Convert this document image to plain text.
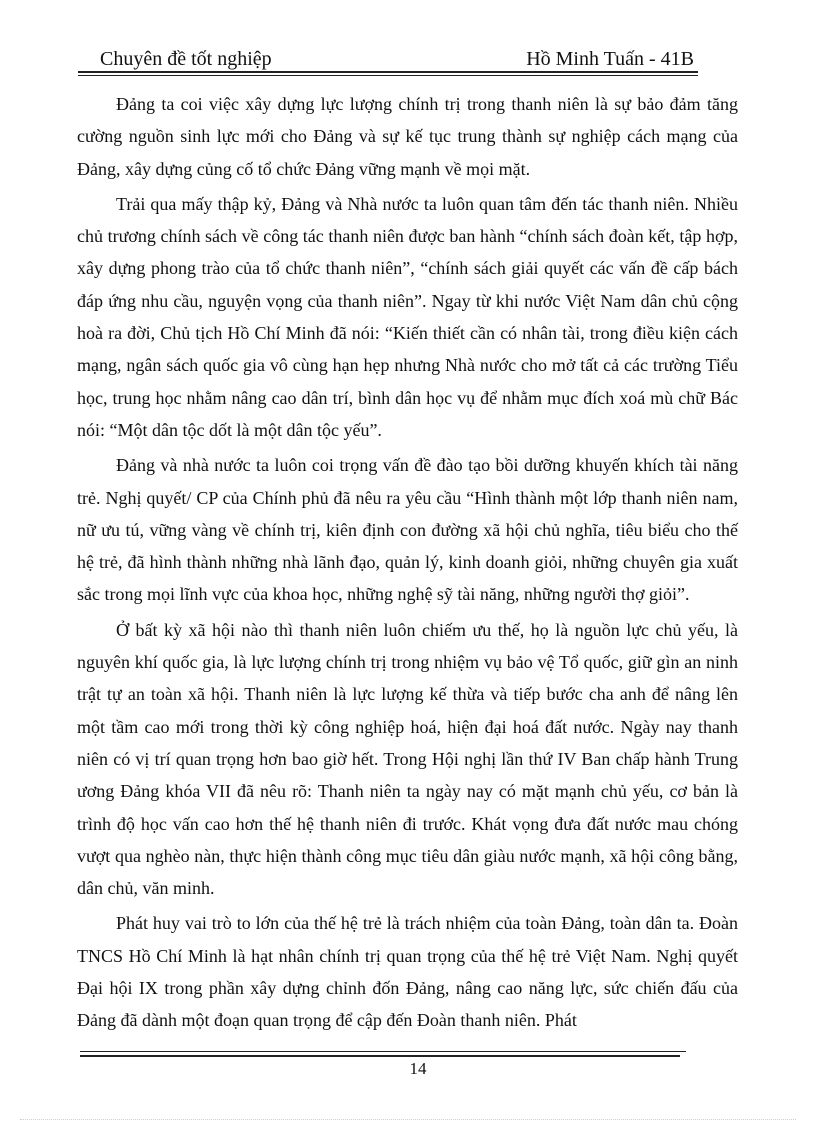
Chuyên đề tốt nghiệp	Hồ Minh Tuấn - 41B

Đảng ta coi việc xây dựng lực lượng chính trị trong thanh niên là sự bảo đảm tăng cường nguồn sinh lực mới cho Đảng và sự kế tục trung thành sự nghiệp cách mạng của Đảng, xây dựng củng cố tổ chức Đảng vững mạnh về mọi mặt.

Trải qua mấy thập kỷ, Đảng và Nhà nước ta luôn quan tâm đến tác thanh niên. Nhiều chủ trương chính sách về công tác thanh niên được ban hành “chính sách đoàn kết, tập hợp, xây dựng phong trào của tổ chức thanh niên”, “chính sách giải quyết các vấn đề cấp bách đáp ứng nhu cầu, nguyện vọng của thanh niên”. Ngay từ khi nước Việt Nam dân chủ cộng hoà ra đời, Chủ tịch Hồ Chí Minh đã nói: “Kiến thiết cần có nhân tài, trong điều kiện cách mạng, ngân sách quốc gia vô cùng hạn hẹp nhưng Nhà nước cho mở tất cả các trường Tiểu học, trung học nhằm nâng cao dân trí, bình dân học vụ để nhằm mục đích xoá mù chữ Bác nói: “Một dân tộc dốt là một dân tộc yếu”.

Đảng và nhà nước ta luôn coi trọng vấn đề đào tạo bồi dưỡng khuyến khích tài năng trẻ. Nghị quyết/ CP của Chính phủ đã nêu ra yêu cầu “Hình thành một lớp thanh niên nam, nữ ưu tú, vững vàng về chính trị, kiên định con đường xã hội chủ nghĩa, tiêu biểu cho thế hệ trẻ, đã hình thành những nhà lãnh đạo, quản lý, kinh doanh giỏi, những chuyên gia xuất sắc trong mọi lĩnh vực của khoa học, những nghệ sỹ tài năng, những người thợ giỏi”.

Ở bất kỳ xã hội nào thì thanh niên luôn chiếm ưu thế, họ là nguồn lực chủ yếu, là nguyên khí quốc gia, là lực lượng chính trị trong nhiệm vụ bảo vệ Tổ quốc, giữ gìn an ninh trật tự an toàn xã hội. Thanh niên là lực lượng kế thừa và tiếp bước cha anh để nâng lên một tầm cao mới trong thời kỳ công nghiệp hoá, hiện đại hoá đất nước. Ngày nay thanh niên có vị trí quan trọng hơn bao giờ hết. Trong Hội nghị lần thứ IV Ban chấp hành Trung ương Đảng khóa VII đã nêu rõ: Thanh niên ta ngày nay có mặt mạnh chủ yếu, cơ bản là trình độ học vấn cao hơn thế hệ thanh niên đi trước. Khát vọng đưa đất nước mau chóng vượt qua nghèo nàn, thực hiện thành công mục tiêu dân giàu nước mạnh, xã hội công bằng, dân chủ, văn minh.

Phát huy vai trò to lớn của thế hệ trẻ là trách nhiệm của toàn Đảng, toàn dân ta. Đoàn TNCS Hồ Chí Minh là hạt nhân chính trị quan trọng của thế hệ trẻ Việt Nam. Nghị quyết Đại hội IX trong phần xây dựng chỉnh đốn Đảng, nâng cao năng lực, sức chiến đấu của Đảng đã dành một đoạn quan trọng để cập đến Đoàn thanh niên. Phát

14
